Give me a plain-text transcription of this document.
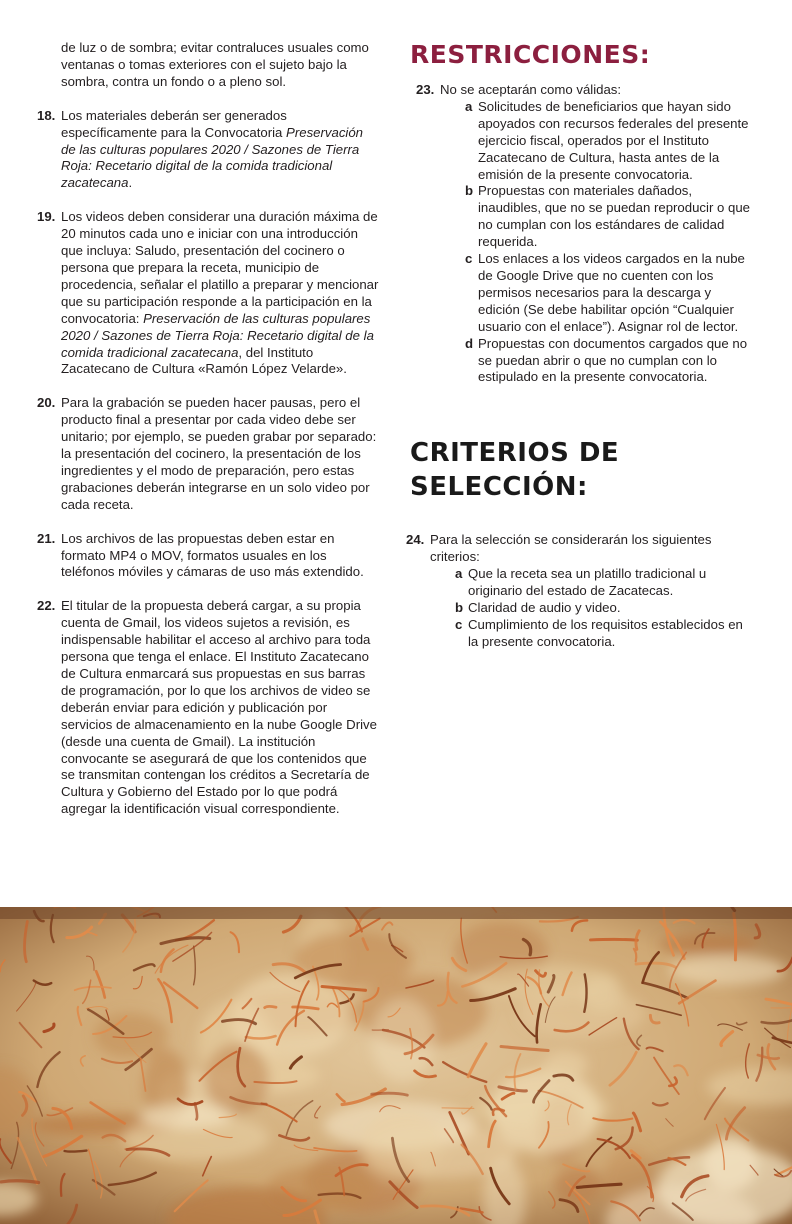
de luz o de sombra; evitar contraluces usuales como ventanas o tomas exteriores con el sujeto bajo la sombra, contra un fondo o a pleno sol.

18. Los materiales deberán ser generados específicamente para la Convocatoria Preservación de las culturas populares 2020 / Sazones de Tierra Roja: Recetario digital de la comida tradicional zacatecana.

19. Los videos deben considerar una duración máxima de 20 minutos cada uno e iniciar con una introducción que incluya: Saludo, presentación del cocinero o persona que prepara la receta, municipio de procedencia, señalar el platillo a preparar y mencionar que su participación responde a la participación en la convocatoria: Preservación de las culturas populares 2020 / Sazones de Tierra Roja: Recetario digital de la comida tradicional zacatecana, del Instituto Zacatecano de Cultura «Ramón López Velarde».

20. Para la grabación se pueden hacer pausas, pero el producto final a presentar por cada video debe ser unitario; por ejemplo, se pueden grabar por separado: la presentación del cocinero, la presentación de los ingredientes y el modo de preparación, pero estas grabaciones deberán integrarse en un solo video por cada receta.

21. Los archivos de las propuestas deben estar en formato MP4 o MOV, formatos usuales en los teléfonos móviles y cámaras de uso más extendido.

22. El titular de la propuesta deberá cargar, a su propia cuenta de Gmail, los videos sujetos a revisión, es indispensable habilitar el acceso al archivo para toda persona que tenga el enlace. El Instituto Zacatecano de Cultura enmarcará sus propuestas en sus barras de programación, por lo que los archivos de video se deberán enviar para edición y publicación por servicios de almacenamiento en la nube Google Drive (desde una cuenta de Gmail). La institución convocante se asegurará de que los contenidos que se transmitan contengan los créditos a Secretaría de Cultura y Gobierno del Estado por lo que podrá agregar la identificación visual correspondiente.

RESTRICCIONES:
23. No se aceptarán como válidas:

a Solicitudes de beneficiarios que hayan sido apoyados con recursos federales del presente ejercicio fiscal, operados por el Instituto Zacatecano de Cultura, hasta antes de la emisión de la presente convocatoria.
b Propuestas con materiales dañados, inaudibles, que no se puedan reproducir o que no cumplan con los estándares de calidad requerida.
c Los enlaces a los videos cargados en la nube de Google Drive que no cuenten con los permisos necesarios para la descarga y edición (Se debe habilitar opción “Cualquier usuario con el enlace”). Asignar rol de lector.
d Propuestas con documentos cargados que no se puedan abrir o que no cumplan con lo estipulado en la presente convocatoria.
CRITERIOS DE
SELECCIÓN:
24. Para la selección se considerarán los siguientes criterios:

a Que la receta sea un platillo tradicional u originario del estado de Zacatecas.
b Claridad de audio y video.
c Cumplimiento de los requisitos establecidos en la presente convocatoria.
